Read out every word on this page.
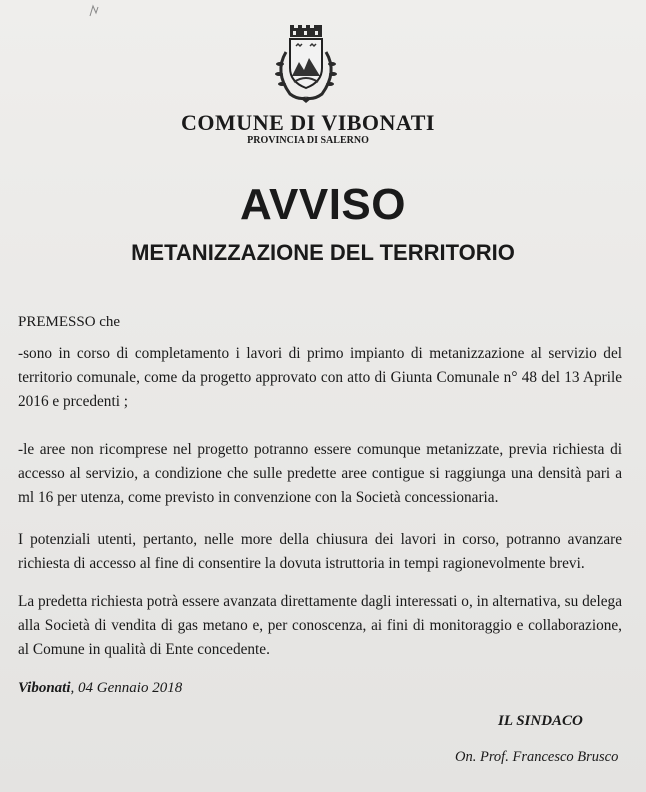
COMUNE DI VIBONATI
PROVINCIA DI SALERNO
AVVISO
METANIZZAZIONE DEL TERRITORIO
PREMESSO che
-sono in corso di completamento i lavori di primo impianto di metanizzazione al servizio del territorio comunale, come da progetto approvato con atto di Giunta Comunale n° 48 del 13 Aprile 2016 e prcedenti ;
-le aree non ricomprese nel progetto potranno essere comunque metanizzate, previa richiesta di accesso al servizio, a condizione che sulle predette aree contigue si raggiunga una densità pari a ml 16 per utenza, come previsto in convenzione con la Società concessionaria.
I potenziali utenti, pertanto, nelle more della chiusura dei lavori in corso, potranno avanzare richiesta di accesso al fine di consentire la dovuta istruttoria in tempi ragionevolmente brevi.
La predetta richiesta potrà essere avanzata direttamente dagli interessati o, in alternativa, su delega alla Società di vendita di gas metano e, per conoscenza, ai fini di monitoraggio e collaborazione, al Comune in qualità di Ente concedente.
Vibonati, 04 Gennaio 2018
IL SINDACO
On. Prof. Francesco Brusco
